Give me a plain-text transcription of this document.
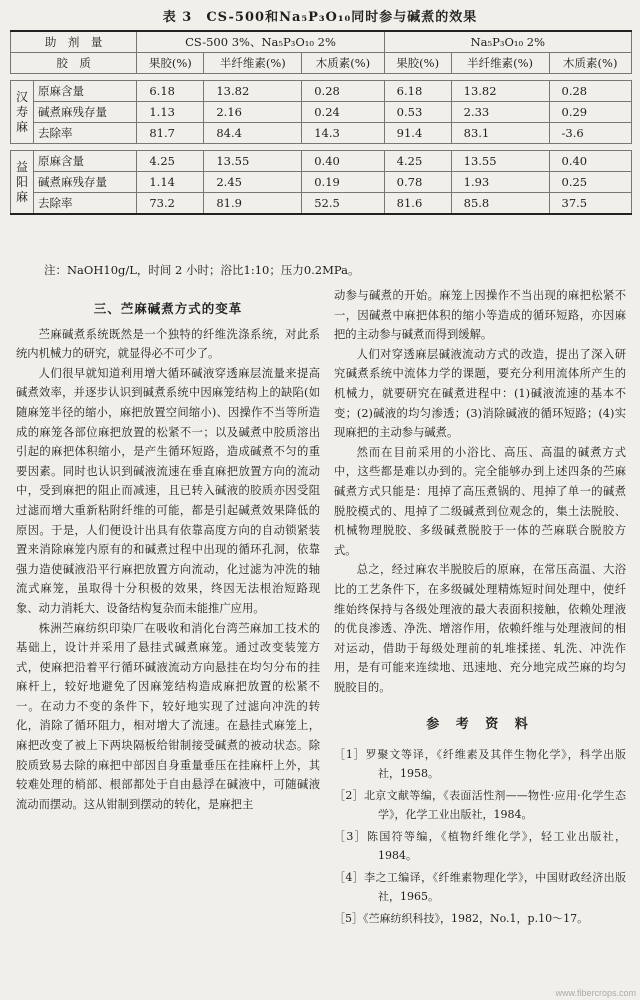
表 3　CS-500和Na₅P₃O₁₀同时参与碱煮的效果
助　剂　量		CS-500 3%、Na₅P₃O₁₀ 2%			Na₅P₃O₁₀ 2%		
胶　质		果胶(%)	半纤维素(%)	木质素(%)	果胶(%)	半纤维素(%)	木质素(%)

汉寿麻	原麻含量	6.18	13.82	0.28	6.18	13.82	0.28
	碱煮麻残存量	1.13	2.16	0.24	0.53	2.33	0.29
	去除率	81.7	84.4	14.3	91.4	83.1	-3.6

益阳麻	原麻含量	4.25	13.55	0.40	4.25	13.55	0.40
	碱煮麻残存量	1.14	2.45	0.19	0.78	1.93	0.25
	去除率	73.2	81.9	52.5	81.6	85.8	37.5
注：NaOH10g/L，时间 2 小时；浴比1:10；压力0.2MPa。
三、苎麻碱煮方式的变革

苎麻碱煮系统既然是一个独特的纤维洗涤系统，对此系统内机械力的研究，就显得必不可少了。

人们很早就知道利用增大循环碱液穿透麻层流量来提高碱煮效率，并逐步认识到碱煮系统中因麻笼结构上的缺陷(如随麻笼半径的缩小，麻把放置空间缩小)、因操作不当等所造成的麻笼各部位麻把放置的松紧不一；以及碱煮中胶质溶出引起的麻把体积缩小，是产生循环短路，造成碱煮不匀的重要因素。同时也认识到碱液流速在垂直麻把放置方向的流动中，受到麻把的阻止而减速，且已转入碱液的胶质亦因受阻过滤而增大重新粘附纤维的可能，都是引起碱煮效果降低的原因。于是，人们便设计出具有依靠高度方向的自动锁紧装置来消除麻笼内原有的和碱煮过程中出现的循环孔洞，依靠强力造使碱液沿平行麻把放置方向流动，化过滤为冲洗的轴流式麻笼，虽取得十分积极的效果，终因无法根治短路现象、动力消耗大、设备结构复杂而未能推广应用。

株洲苎麻纺织印染厂在吸收和消化台湾苎麻加工技术的基础上，设计并采用了悬挂式碱煮麻笼。通过改变装笼方式，使麻把沿着平行循环碱液流动方向悬挂在均匀分布的挂麻杆上，较好地避免了因麻笼结构造成麻把放置的松紧不一。在动力不变的条件下，较好地实现了过滤向冲洗的转化，消除了循环阻力，相对增大了流速。在悬挂式麻笼上，麻把改变了被上下两块隔板给钳制接受碱煮的被动状态。除胶质致易去除的麻把中部因自身重量垂压在挂麻杆上外，其较难处理的梢部、根部都处于自由悬浮在碱液中，可随碱液流动而摆动。这从钳制到摆动的转化，是麻把主

动参与碱煮的开始。麻笼上因操作不当出现的麻把松紧不一，因碱煮中麻把体积的缩小等造成的循环短路，亦因麻把的主动参与碱煮而得到缓解。

人们对穿透麻层碱液流动方式的改造，提出了深入研究碱煮系统中流体力学的课题，要充分利用流体所产生的机械力，就要研究在碱煮进程中：(1)碱液流速的基本不变；(2)碱液的均匀渗透；(3)消除碱液的循环短路；(4)实现麻把的主动参与碱煮。

然而在目前采用的小浴比、高压、高温的碱煮方式中，这些都是难以办到的。完全能够办到上述四条的苎麻碱煮方式只能是：甩掉了高压煮锅的、甩掉了单一的碱煮脱胶模式的、甩掉了二级碱煮到位观念的，集土法脱胶、机械物理脱胶、多级碱煮脱胶于一体的苎麻联合脱胶方式。

总之，经过麻农半脱胶后的原麻，在常压高温、大浴比的工艺条件下，在多级碱处理精炼短时间处理中，使纤维始终保持与各级处理液的最大表面积接触，依赖处理液的优良渗透、净洗、增溶作用，依赖纤维与处理液间的相对运动，借助于每级处理前的轧堆揉搓、轧洗、冲洗作用，是有可能来连续地、迅速地、充分地完成苎麻的均匀脱胶目的。

参 考 资 料

［1］罗聚文等译，《纤维素及其伴生物化学》，科学出版社，1958。

［2］北京文献等编，《表面活性剂——物性·应用·化学生态学》，化学工业出版社，1984。

［3］陈国符等编，《植物纤维化学》，轻工业出版社，1984。

［4］李之工编译，《纤维素物理化学》，中国财政经济出版社，1965。

［5］《苎麻纺织科技》，1982，No.1，p.10～17。

www.fibercrops.com
